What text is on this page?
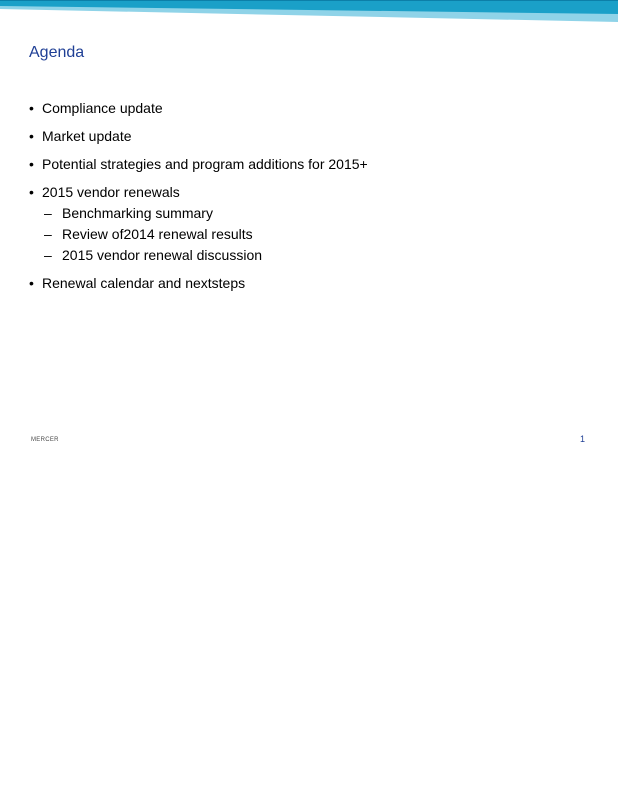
Agenda
• Compliance update
• Market update
• Potential strategies and program additions for 2015+
• 2015 vendor renewals
– Benchmarking summary
– Review of2014 renewal results
– 2015 vendor renewal discussion
• Renewal calendar and nextsteps
MERCER	1
